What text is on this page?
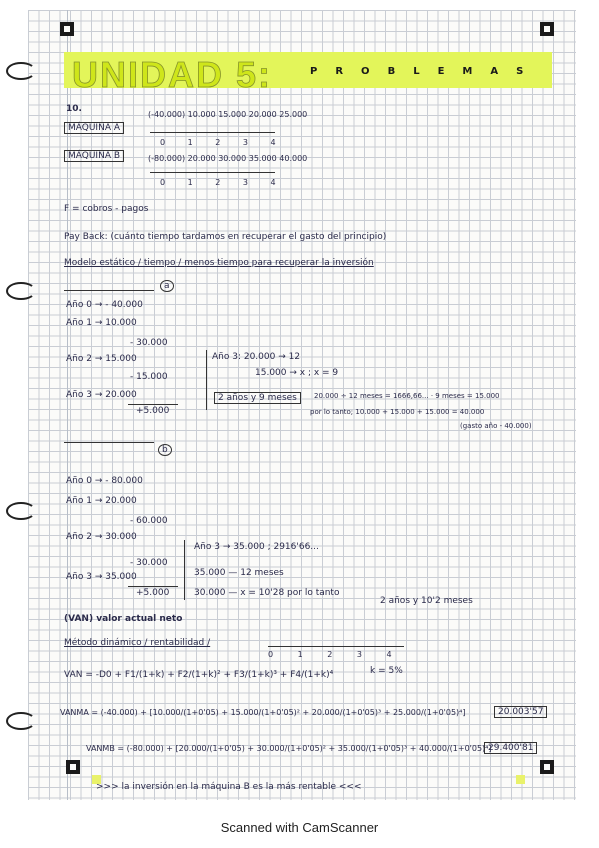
UNIDAD 5:	P R O B L E M A S
10.
MÁQUINA A
(-40.000) 10.000 15.000 20.000 25.000
0 1 2 3 4
MÁQUINA B	(-80.000) 20.000 30.000 35.000 40.000
0 1 2 3 4
F = cobros - pagos
Pay Back: (cuánto tiempo tardamos en recuperar el gasto del principio)
Modelo estático / tiempo / menos tiempo para recuperar la inversión
a
Año 0 → - 40.000
Año 1 → 10.000
- 30.000
Año 2 → 15.000
- 15.000
Año 3 → 20.000
+5.000
Año 3: 20.000 → 12
15.000 → x ; x = 9
2 años y 9 meses	20.000 ÷ 12 meses = 1666,66... · 9 meses = 15.000
por lo tanto; 10.000 + 15.000 + 15.000 = 40.000
(gasto año - 40.000)
b
Año 0 → - 80.000
Año 1 → 20.000
- 60.000
Año 2 → 30.000
- 30.000
Año 3 → 35.000
+5.000
Año 3 → 35.000 ; 2916'66...
35.000 — 12 meses
30.000 — x = 10'28 por lo tanto
2 años y 10'2 meses
(VAN) valor actual neto
Método dinámico / rentabilidad /
0 1 2 3 4
k = 5%
VAN = -D0 + F1/(1+k) + F2/(1+k)² + F3/(1+k)³ + F4/(1+k)⁴
VANMA = (-40.000) + [10.000/(1+0'05) + 15.000/(1+0'05)² + 20.000/(1+0'05)³ + 25.000/(1+0'05)⁴]	20.003'57
VANMB = (-80.000) + [20.000/(1+0'05) + 30.000/(1+0'05)² + 35.000/(1+0'05)³ + 40.000/(1+0'05)⁴]
29.400'81
>>> la inversión en la máquina B es la más rentable <<<
Scanned with CamScanner
